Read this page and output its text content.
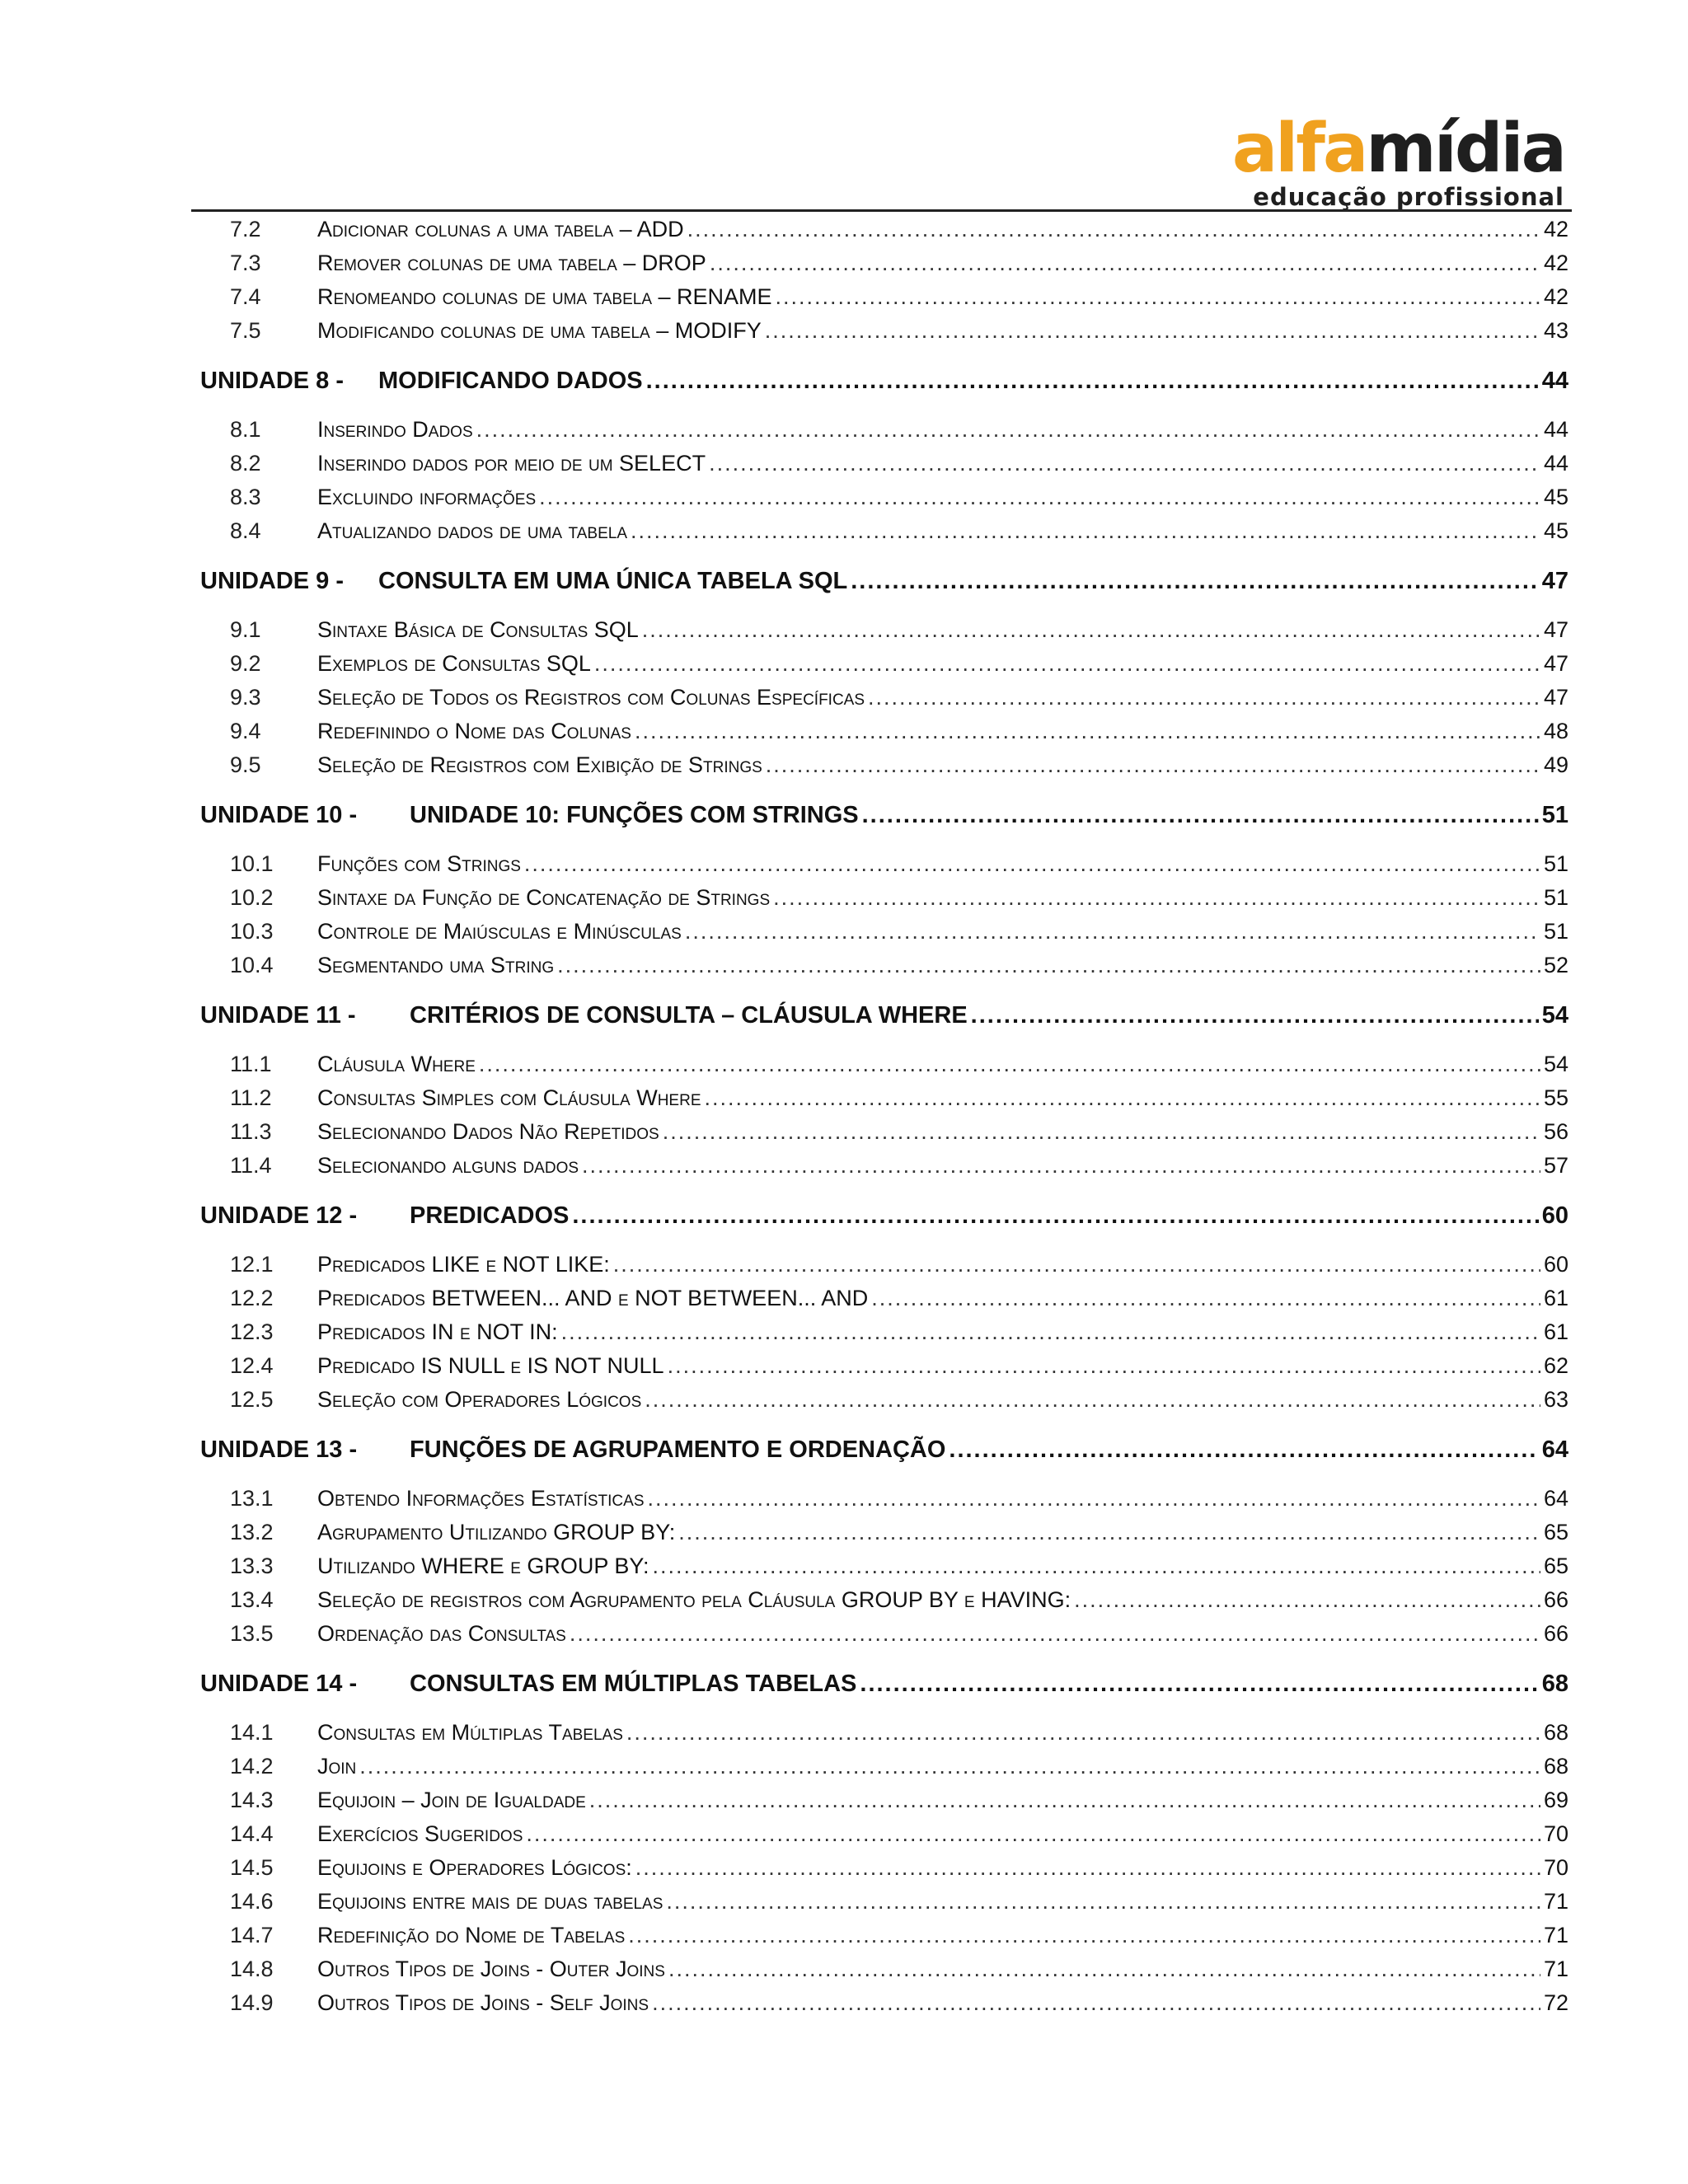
alfamídia
educação profissional
7.2	Adicionar colunas a uma tabela – ADD .....	42
7.3	Remover colunas de uma tabela – DROP .....	42
7.4	Renomeando colunas de uma tabela – RENAME .....	42
7.5	Modificando colunas de uma tabela – MODIFY .....	43
UNIDADE 8 -	MODIFICANDO DADOS .....	44
8.1	Inserindo Dados .....	44
8.2	Inserindo dados por meio de um SELECT .....	44
8.3	Excluindo informações .....	45
8.4	Atualizando dados de uma tabela .....	45
UNIDADE 9 -	CONSULTA EM UMA ÚNICA TABELA SQL .....	47
9.1	Sintaxe Básica de Consultas SQL .....	47
9.2	Exemplos de Consultas SQL .....	47
9.3	Seleção de Todos os Registros com Colunas Específicas .....	47
9.4	Redefinindo o Nome das Colunas .....	48
9.5	Seleção de Registros com Exibição de Strings .....	49
UNIDADE 10 -	UNIDADE 10: FUNÇÕES COM STRINGS .....	51
10.1	Funções com Strings .....	51
10.2	Sintaxe da Função de Concatenação de Strings .....	51
10.3	Controle de Maiúsculas e Minúsculas .....	51
10.4	Segmentando uma String .....	52
UNIDADE 11 -	CRITÉRIOS DE CONSULTA – CLÁUSULA WHERE .....	54
11.1	Cláusula Where .....	54
11.2	Consultas Simples com Cláusula Where .....	55
11.3	Selecionando Dados Não Repetidos .....	56
11.4	Selecionando alguns dados .....	57
UNIDADE 12 -	PREDICADOS .....	60
12.1	Predicados LIKE e NOT LIKE: .....	60
12.2	Predicados BETWEEN... AND e NOT BETWEEN... AND .....	61
12.3	Predicados IN e NOT IN: .....	61
12.4	Predicado IS NULL e IS NOT NULL .....	62
12.5	Seleção com Operadores Lógicos .....	63
UNIDADE 13 -	FUNÇÕES DE AGRUPAMENTO E ORDENAÇÃO .....	64
13.1	Obtendo Informações Estatísticas .....	64
13.2	Agrupamento Utilizando GROUP BY: .....	65
13.3	Utilizando WHERE e GROUP BY: .....	65
13.4	Seleção de registros com Agrupamento pela Cláusula GROUP BY e HAVING: .....	66
13.5	Ordenação das Consultas .....	66
UNIDADE 14 -	CONSULTAS EM MÚLTIPLAS TABELAS .....	68
14.1	Consultas em Múltiplas Tabelas .....	68
14.2	Join .....	68
14.3	Equijoin – Join de Igualdade .....	69
14.4	Exercícios Sugeridos .....	70
14.5	Equijoins e Operadores Lógicos: .....	70
14.6	Equijoins entre mais de duas tabelas .....	71
14.7	Redefinição do Nome de Tabelas .....	71
14.8	Outros Tipos de Joins - Outer Joins .....	71
14.9	Outros Tipos de Joins - Self Joins .....	72
